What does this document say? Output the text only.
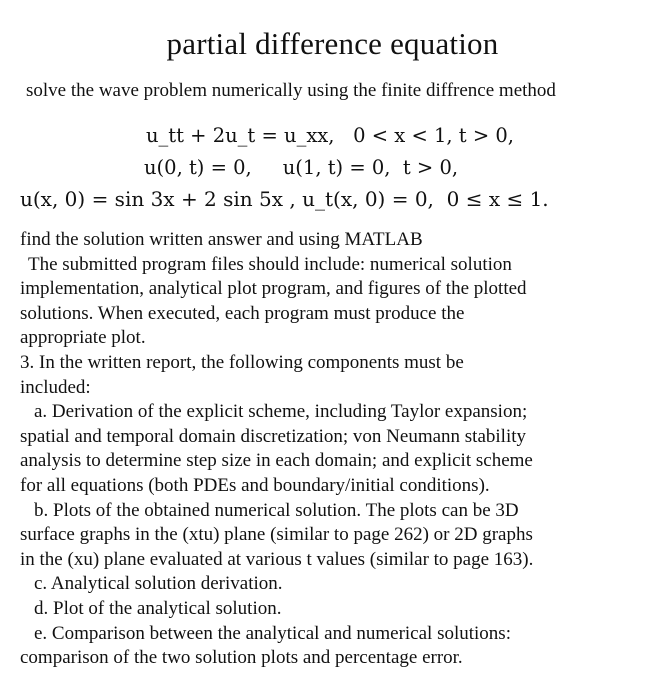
partial difference equation
solve the wave problem numerically using the finite diffrence method
u_tt + 2u_t = u_xx,   0 < x < 1, t > 0,
u(0, t) = 0,     u(1, t) = 0,  t > 0,
u(x, 0) = sin 3x + 2 sin 5x , u_t(x, 0) = 0,  0 ≤ x ≤ 1.
find the solution written answer and using MATLAB
The submitted program files should include: numerical solution
implementation, analytical plot program, and figures of the plotted
solutions. When executed, each program must produce the
appropriate plot.
3. In the written report, the following components must be
included:
a. Derivation of the explicit scheme, including Taylor expansion;
spatial and temporal domain discretization; von Neumann stability
analysis to determine step size in each domain; and explicit scheme
for all equations (both PDEs and boundary/initial conditions).
b. Plots of the obtained numerical solution. The plots can be 3D
surface graphs in the (xtu) plane (similar to page 262) or 2D graphs
in the (xu) plane evaluated at various t values (similar to page 163).
c. Analytical solution derivation.
d. Plot of the analytical solution.
e. Comparison between the analytical and numerical solutions:
comparison of the two solution plots and percentage error.
